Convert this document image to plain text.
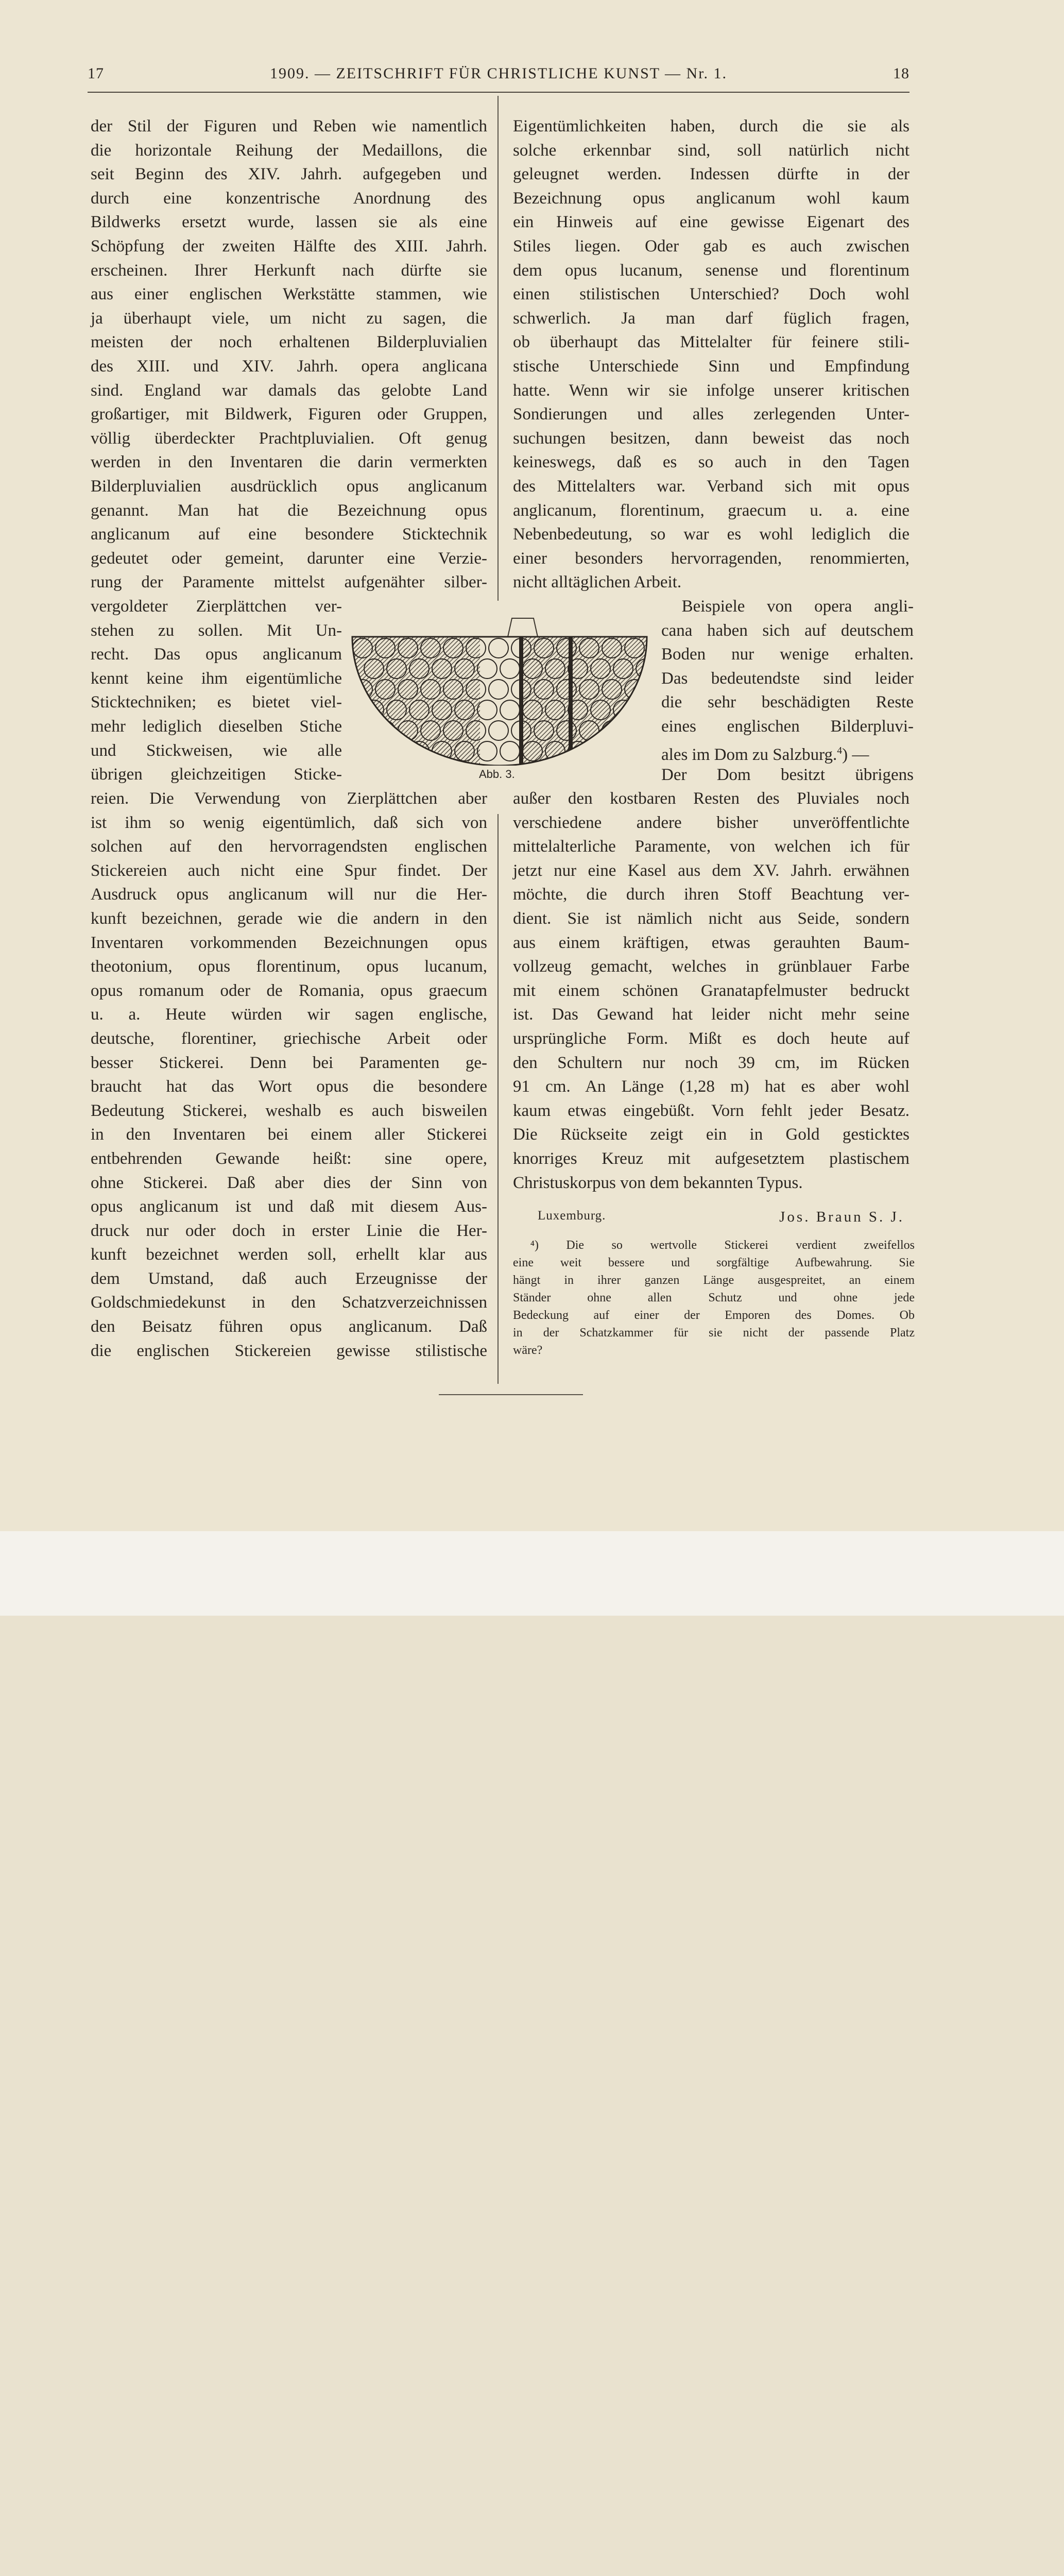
17	1909. — ZEITSCHRIFT FÜR CHRISTLICHE KUNST — Nr. 1.	18
der Stil der Figuren und Reben wie namentlich
die horizontale Reihung der Medaillons, die
seit Beginn des XIV. Jahrh. aufgegeben und
durch eine konzentrische Anordnung des
Bildwerks ersetzt wurde, lassen sie als eine
Schöpfung der zweiten Hälfte des XIII. Jahrh.
erscheinen. Ihrer Herkunft nach dürfte sie
aus einer englischen Werkstätte stammen, wie
ja überhaupt viele, um nicht zu sagen, die
meisten der noch erhaltenen Bilderpluvialien
des XIII. und XIV. Jahrh. opera anglicana
sind. England war damals das gelobte Land
großartiger, mit Bildwerk, Figuren oder Gruppen,
völlig überdeckter Prachtpluvialien. Oft genug
werden in den Inventaren die darin vermerkten
Bilderpluvialien ausdrücklich opus anglicanum
genannt. Man hat die Bezeichnung opus
anglicanum auf eine besondere Sticktechnik
gedeutet oder gemeint, darunter eine Verzie-
rung der Paramente mittelst aufgenähter silber-
vergoldeter Zierplättchen ver-
stehen zu sollen. Mit Un-
recht. Das opus anglicanum
kennt keine ihm eigentümliche
Sticktechniken; es bietet viel-
mehr lediglich dieselben Stiche
und Stickweisen, wie alle
übrigen gleichzeitigen Sticke-
reien. Die Verwendung von Zierplättchen aber
ist ihm so wenig eigentümlich, daß sich von
solchen auf den hervorragendsten englischen
Stickereien auch nicht eine Spur findet. Der
Ausdruck opus anglicanum will nur die Her-
kunft bezeichnen, gerade wie die andern in den
Inventaren vorkommenden Bezeichnungen opus
theotonium, opus florentinum, opus lucanum,
opus romanum oder de Romania, opus graecum
u. a. Heute würden wir sagen englische,
deutsche, florentiner, griechische Arbeit oder
besser Stickerei. Denn bei Paramenten ge-
braucht hat das Wort opus die besondere
Bedeutung Stickerei, weshalb es auch bisweilen
in den Inventaren bei einem aller Stickerei
entbehrenden Gewande heißt: sine opere,
ohne Stickerei. Daß aber dies der Sinn von
opus anglicanum ist und daß mit diesem Aus-
druck nur oder doch in erster Linie die Her-
kunft bezeichnet werden soll, erhellt klar aus
dem Umstand, daß auch Erzeugnisse der
Goldschmiedekunst in den Schatzverzeichnissen
den Beisatz führen opus anglicanum. Daß
die englischen Stickereien gewisse stilistische
Eigentümlichkeiten haben, durch die sie als
solche erkennbar sind, soll natürlich nicht
geleugnet werden. Indessen dürfte in der
Bezeichnung opus anglicanum wohl kaum
ein Hinweis auf eine gewisse Eigenart des
Stiles liegen. Oder gab es auch zwischen
dem opus lucanum, senense und florentinum
einen stilistischen Unterschied? Doch wohl
schwerlich. Ja man darf füglich fragen,
ob überhaupt das Mittelalter für feinere stili-
stische Unterschiede Sinn und Empfindung
hatte. Wenn wir sie infolge unserer kritischen
Sondierungen und alles zerlegenden Unter-
suchungen besitzen, dann beweist das noch
keineswegs, daß es so auch in den Tagen
des Mittelalters war. Verband sich mit opus
anglicanum, florentinum, graecum u. a. eine
Nebenbedeutung, so war es wohl lediglich die
einer besonders hervorragenden, renommierten,
nicht alltäglichen Arbeit.
Beispiele von opera angli-
cana haben sich auf deutschem
Boden nur wenige erhalten.
Das bedeutendste sind leider
die sehr beschädigten Reste
eines englischen Bilderpluvi-
ales im Dom zu Salzburg.$^4$) —
Der Dom besitzt übrigens
außer den kostbaren Resten des Pluviales noch
verschiedene andere bisher unveröffentlichte
mittelalterliche Paramente, von welchen ich für
jetzt nur eine Kasel aus dem XV. Jahrh. erwähnen
möchte, die durch ihren Stoff Beachtung ver-
dient. Sie ist nämlich nicht aus Seide, sondern
aus einem kräftigen, etwas gerauhten Baum-
vollzeug gemacht, welches in grünblauer Farbe
mit einem schönen Granatapfelmuster bedruckt
ist. Das Gewand hat leider nicht mehr seine
ursprüngliche Form. Mißt es doch heute auf
den Schultern nur noch 39 cm, im Rücken
91 cm. An Länge (1,28 m) hat es aber wohl
kaum etwas eingebüßt. Vorn fehlt jeder Besatz.
Die Rückseite zeigt ein in Gold gesticktes
knorriges Kreuz mit aufgesetztem plastischem
Christuskorpus von dem bekannten Typus.
Luxemburg.	Jos. Braun S. J.
⁴) Die so wertvolle Stickerei verdient zweifellos
eine weit bessere und sorgfältige Aufbewahrung. Sie
hängt in ihrer ganzen Länge ausgespreitet, an einem
Ständer ohne allen Schutz und ohne jede
Bedeckung auf einer der Emporen des Domes. Ob
in der Schatzkammer für sie nicht der passende Platz
wäre?
Abb. 3.
